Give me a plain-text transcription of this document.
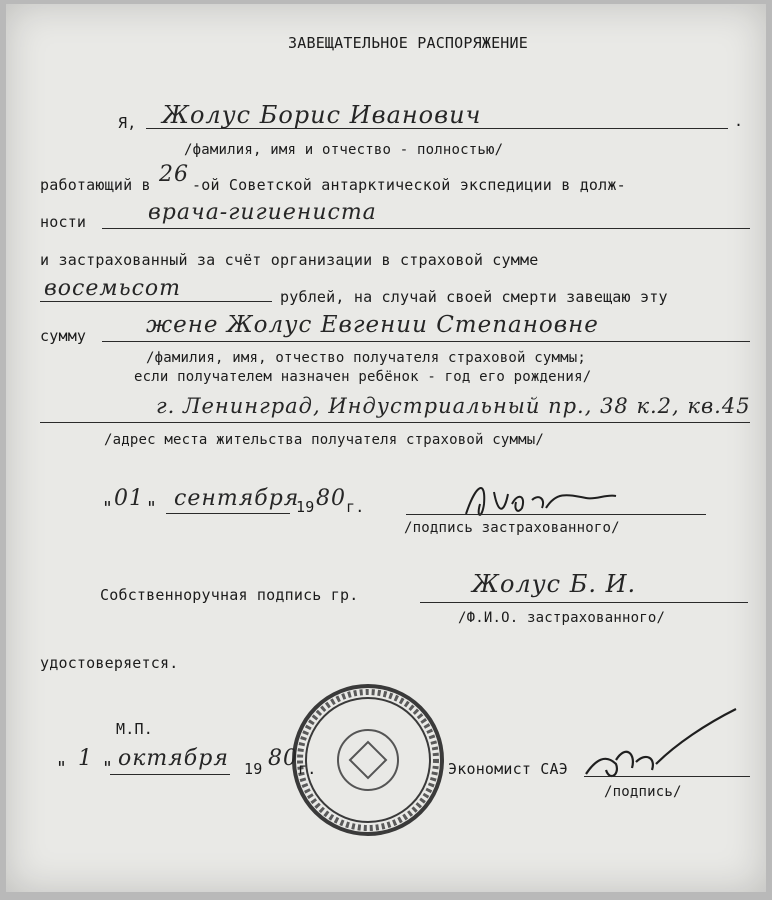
ЗАВЕЩАТЕЛЬНОЕ РАСПОРЯЖЕНИЕ
Я, Жолус Борис Иванович	.
/фамилия, имя и отчество - полностью/
работающий в 26 -ой Советской антарктической экспедиции в долж-
ности	врача-гигиениста
и застрахованный за счёт организации в страховой сумме
восемьсот	рублей, на случай своей смерти завещаю эту
сумму	жене Жолус Евгении Степановне
/фамилия, имя, отчество получателя страховой суммы;
если получателем назначен ребёнок - год его рождения/
г. Ленинград, Индустриальный пр., 38 к.2, кв.45
/адрес места жительства получателя страховой суммы/
" 01 " сентября
19 80 г.
/подпись застрахованного/
Собственноручная подпись гр.	Жолус Б. И.
/Ф.И.О. застрахованного/
удостоверяется.
М.П.
" 1 " октября 19 80 г.	Экономист САЭ
/подпись/
